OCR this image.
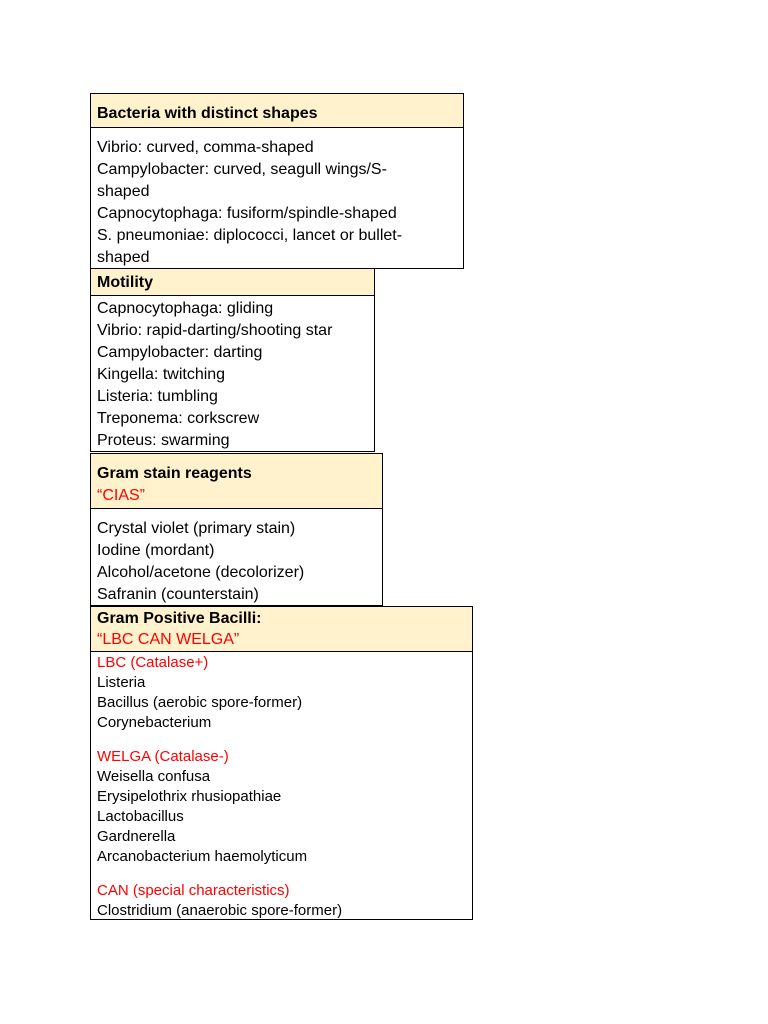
Bacteria with distinct shapes
Vibrio: curved, comma-shaped
Campylobacter: curved, seagull wings/S-shaped
Capnocytophaga: fusiform/spindle-shaped
S. pneumoniae: diplococci, lancet or bullet-shaped
Motility
Capnocytophaga: gliding
Vibrio: rapid-darting/shooting star
Campylobacter: darting
Kingella: twitching
Listeria: tumbling
Treponema: corkscrew
Proteus: swarming
Gram stain reagents
“CIAS”
Crystal violet (primary stain)
Iodine (mordant)
Alcohol/acetone (decolorizer)
Safranin (counterstain)
Gram Positive Bacilli:
“LBC CAN WELGA”
LBC (Catalase+)
Listeria
Bacillus (aerobic spore-former)
Corynebacterium
WELGA (Catalase-)
Weisella confusa
Erysipelothrix rhusiopathiae
Lactobacillus
Gardnerella
Arcanobacterium haemolyticum
CAN (special characteristics)
Clostridium (anaerobic spore-former)
